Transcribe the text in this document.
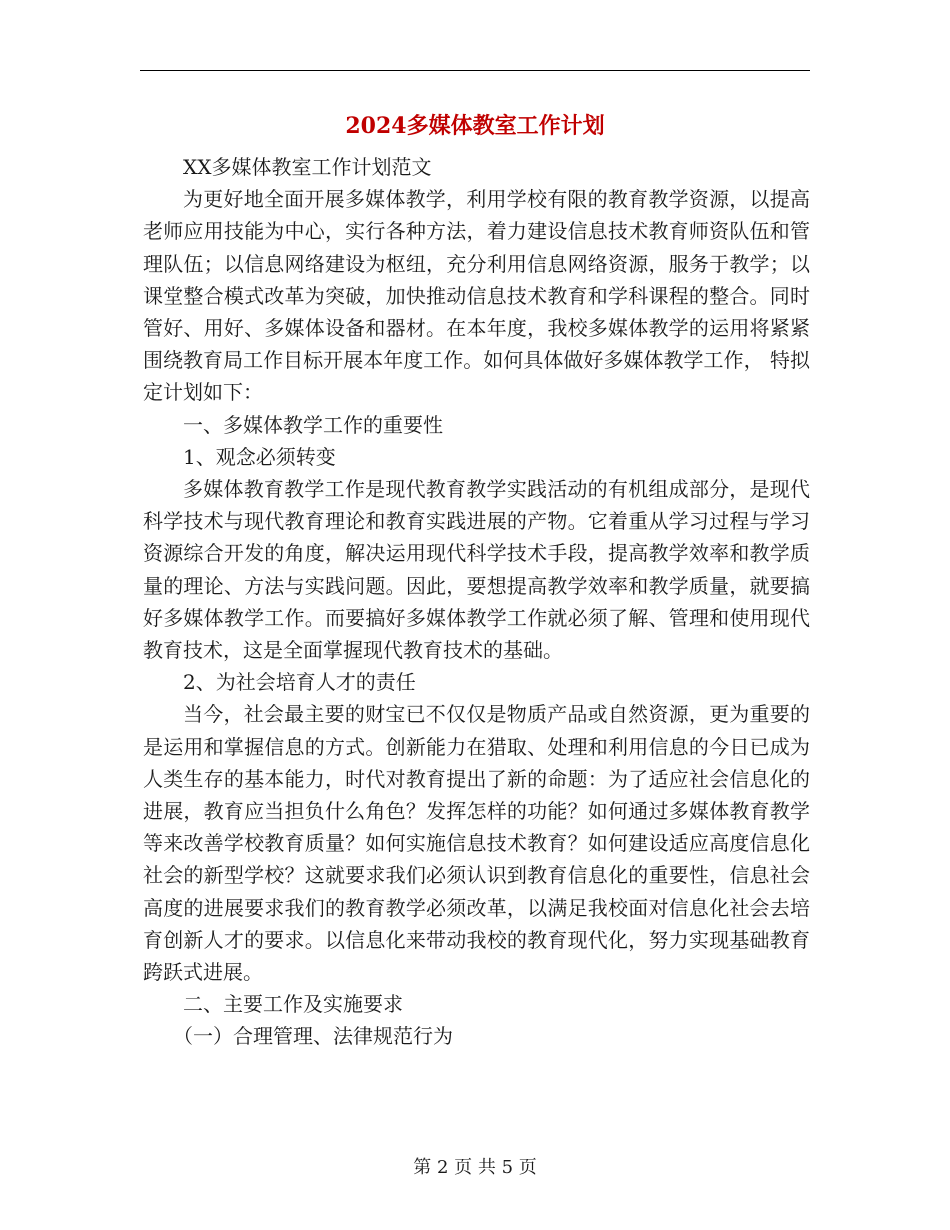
2024多媒体教室工作计划

XX多媒体教室工作计划范文

为更好地全面开展多媒体教学，利用学校有限的教育教学资源，以提高老师应用技能为中心，实行各种方法，着力建设信息技术教育师资队伍和管理队伍；以信息网络建设为枢纽，充分利用信息网络资源，服务于教学；以课堂整合模式改革为突破，加快推动信息技术教育和学科课程的整合。同时管好、用好、多媒体设备和器材。在本年度，我校多媒体教学的运用将紧紧围绕教育局工作目标开展本年度工作。如何具体做好多媒体教学工作， 特拟定计划如下：

一、多媒体教学工作的重要性

1、观念必须转变

多媒体教育教学工作是现代教育教学实践活动的有机组成部分，是现代科学技术与现代教育理论和教育实践进展的产物。它着重从学习过程与学习资源综合开发的角度，解决运用现代科学技术手段，提高教学效率和教学质量的理论、方法与实践问题。因此，要想提高教学效率和教学质量，就要搞好多媒体教学工作。而要搞好多媒体教学工作就必须了解、管理和使用现代教育技术，这是全面掌握现代教育技术的基础。

2、为社会培育人才的责任

当今，社会最主要的财宝已不仅仅是物质产品或自然资源，更为重要的是运用和掌握信息的方式。创新能力在猎取、处理和利用信息的今日已成为人类生存的基本能力，时代对教育提出了新的命题：为了适应社会信息化的进展，教育应当担负什么角色？发挥怎样的功能？如何通过多媒体教育教学等来改善学校教育质量？如何实施信息技术教育？如何建设适应高度信息化社会的新型学校？这就要求我们必须认识到教育信息化的重要性，信息社会高度的进展要求我们的教育教学必须改革，以满足我校面对信息化社会去培育创新人才的要求。以信息化来带动我校的教育现代化，努力实现基础教育跨跃式进展。

二、主要工作及实施要求

（一）合理管理、法律规范行为

第 2 页 共 5 页
